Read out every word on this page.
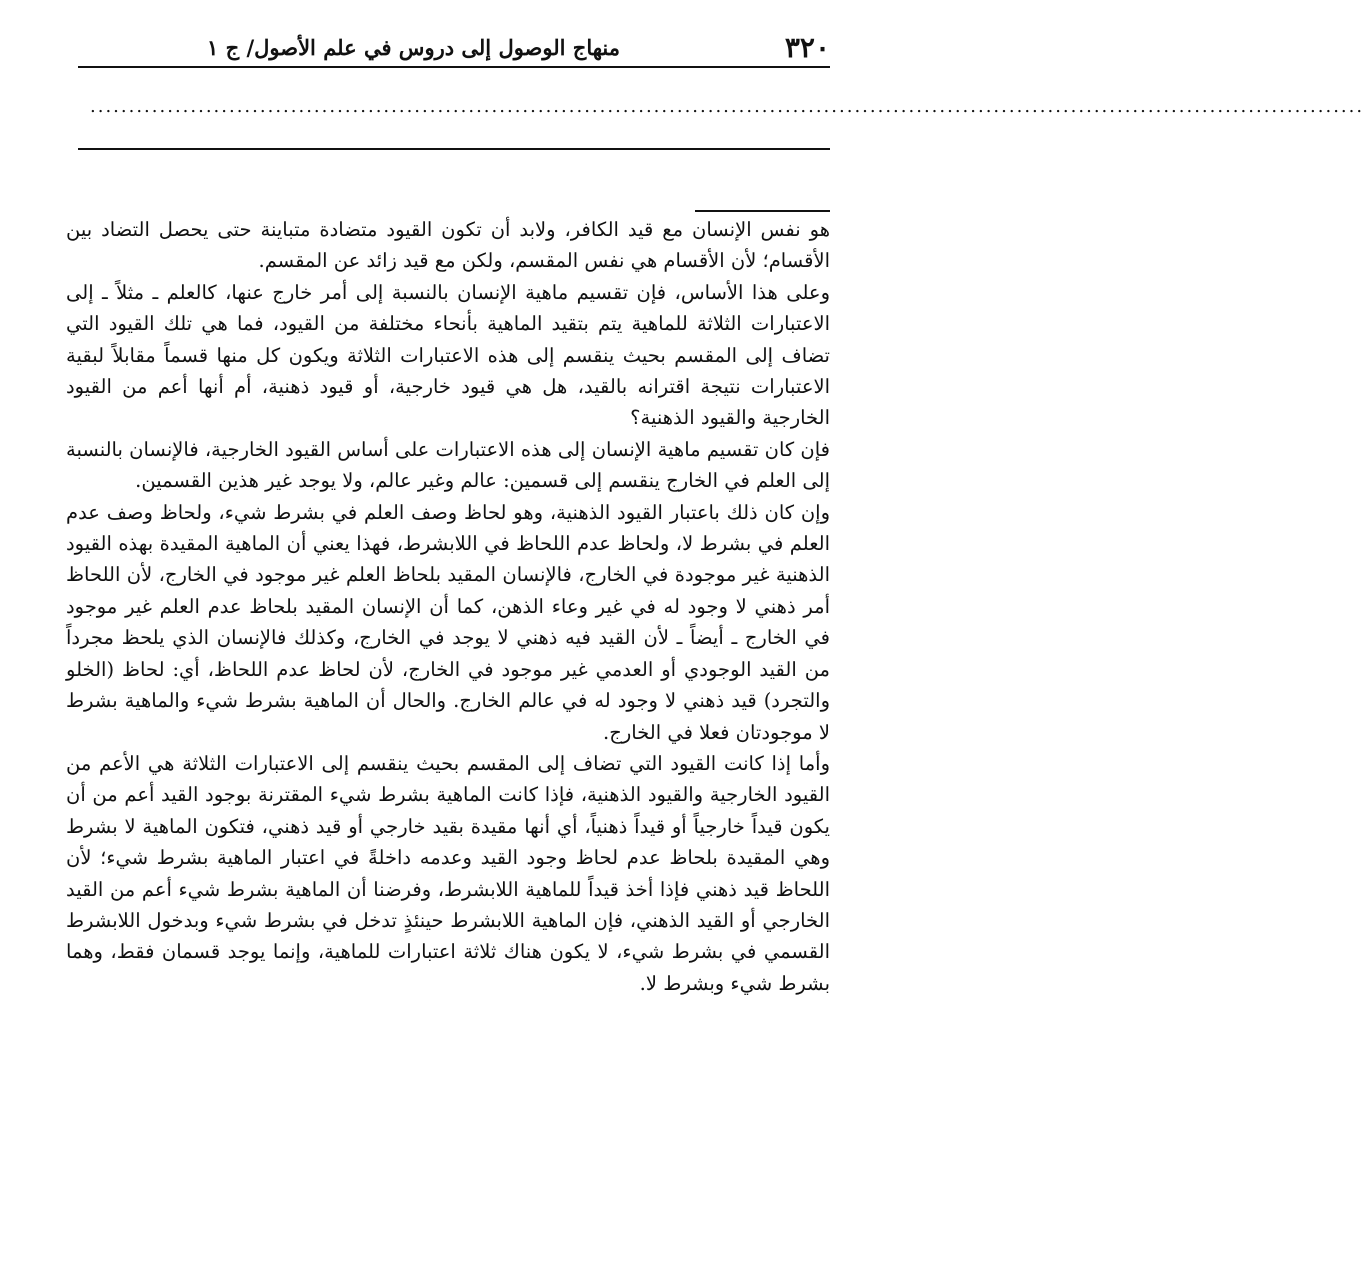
٣٢٠
منهاج الوصول إلى دروس في علم الأصول/ ج ١
.....................................................................................................................................................................

هو نفس الإنسان مع قيد الكافر، ولابد أن تكون القيود متضادة متباينة حتى يحصل التضاد بين الأقسام؛ لأن الأقسام هي نفس المقسم، ولكن مع قيد زائد عن المقسم.

وعلى هذا الأساس، فإن تقسيم ماهية الإنسان بالنسبة إلى أمر خارج عنها، كالعلم ـ مثلاً ـ إلى الاعتبارات الثلاثة للماهية يتم بتقيد الماهية بأنحاء مختلفة من القيود، فما هي تلك القيود التي تضاف إلى المقسم بحيث ينقسم إلى هذه الاعتبارات الثلاثة ويكون كل منها قسماً مقابلاً لبقية الاعتبارات نتيجة اقترانه بالقيد، هل هي قيود خارجية، أو قيود ذهنية، أم أنها أعم من القيود الخارجية والقيود الذهنية؟

فإن كان تقسيم ماهية الإنسان إلى هذه الاعتبارات على أساس القيود الخارجية، فالإنسان بالنسبة إلى العلم في الخارج ينقسم إلى قسمين: عالم وغير عالم، ولا يوجد غير هذين القسمين.

وإن كان ذلك باعتبار القيود الذهنية، وهو لحاظ وصف العلم في بشرط شيء، ولحاظ وصف عدم العلم في بشرط لا، ولحاظ عدم اللحاظ في اللابشرط، فهذا يعني أن الماهية المقيدة بهذه القيود الذهنية غير موجودة في الخارج، فالإنسان المقيد بلحاظ العلم غير موجود في الخارج، لأن اللحاظ أمر ذهني لا وجود له في غير وعاء الذهن، كما أن الإنسان المقيد بلحاظ عدم العلم غير موجود في الخارج ـ أيضاً ـ لأن القيد فيه ذهني لا يوجد في الخارج، وكذلك فالإنسان الذي يلحظ مجرداً من القيد الوجودي أو العدمي غير موجود في الخارج، لأن لحاظ عدم اللحاظ، أي: لحاظ (الخلو والتجرد) قيد ذهني لا وجود له في عالم الخارج. والحال أن الماهية بشرط شيء والماهية بشرط لا موجودتان فعلا في الخارج.

وأما إذا كانت القيود التي تضاف إلى المقسم بحيث ينقسم إلى الاعتبارات الثلاثة هي الأعم من القيود الخارجية والقيود الذهنية، فإذا كانت الماهية بشرط شيء المقترنة بوجود القيد أعم من أن يكون قيداً خارجياً أو قيداً ذهنياً، أي أنها مقيدة بقيد خارجي أو قيد ذهني، فتكون الماهية لا بشرط وهي المقيدة بلحاظ عدم لحاظ وجود القيد وعدمه داخلةً في اعتبار الماهية بشرط شيء؛ لأن اللحاظ قيد ذهني فإذا أخذ قيداً للماهية اللابشرط، وفرضنا أن الماهية بشرط شيء أعم من القيد الخارجي أو القيد الذهني، فإن الماهية اللابشرط حينئذٍ تدخل في بشرط شيء وبدخول اللابشرط القسمي في بشرط شيء، لا يكون هناك ثلاثة اعتبارات للماهية، وإنما يوجد قسمان فقط، وهما بشرط شيء وبشرط لا.
